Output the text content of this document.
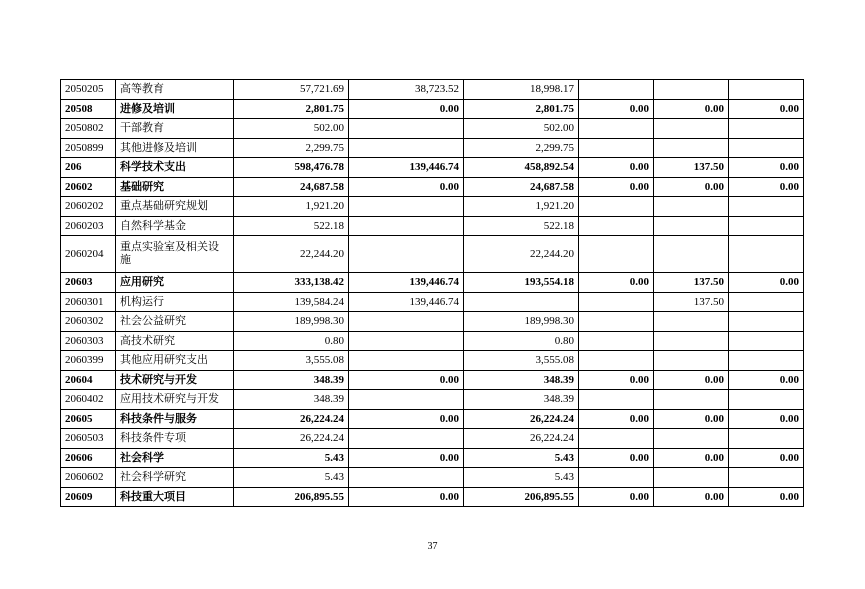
2050205	高等教育	57,721.69	38,723.52	18,998.17			
20508	进修及培训	2,801.75	0.00	2,801.75	0.00	0.00	0.00
2050802	干部教育	502.00		502.00			
2050899	其他进修及培训	2,299.75		2,299.75			
206	科学技术支出	598,476.78	139,446.74	458,892.54	0.00	137.50	0.00
20602	基础研究	24,687.58	0.00	24,687.58	0.00	0.00	0.00
2060202	重点基础研究规划	1,921.20		1,921.20			
2060203	自然科学基金	522.18		522.18			
2060204	重点实验室及相关设施	22,244.20		22,244.20			
20603	应用研究	333,138.42	139,446.74	193,554.18	0.00	137.50	0.00
2060301	机构运行	139,584.24	139,446.74			137.50	
2060302	社会公益研究	189,998.30		189,998.30			
2060303	高技术研究	0.80		0.80			
2060399	其他应用研究支出	3,555.08		3,555.08			
20604	技术研究与开发	348.39	0.00	348.39	0.00	0.00	0.00
2060402	应用技术研究与开发	348.39		348.39			
20605	科技条件与服务	26,224.24	0.00	26,224.24	0.00	0.00	0.00
2060503	科技条件专项	26,224.24		26,224.24			
20606	社会科学	5.43	0.00	5.43	0.00	0.00	0.00
2060602	社会科学研究	5.43		5.43			
20609	科技重大项目	206,895.55	0.00	206,895.55	0.00	0.00	0.00
37
